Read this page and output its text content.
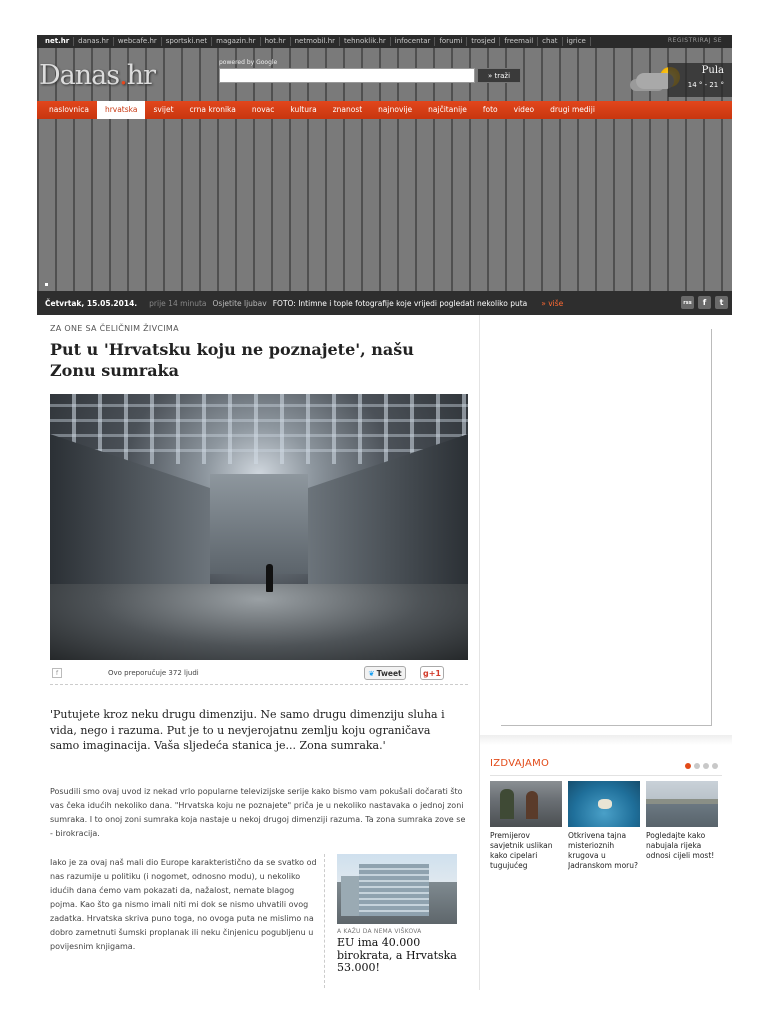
net.hr	danas.hr	webcafe.hr	sportski.net	magazin.hr	hot.hr	netmobil.hr	tehnoklik.hr	infocentar	forumi	trosjed	freemail	chat	igrice	REGISTRIRAJ SE
Danas.hr	powered by Google
» traži	Pula
14 ° - 21 °
naslovnica	hrvatska	svijet	crna kronika	novac	kultura	znanost	najnovije	najčitanije	foto	video	drugi mediji
Četvrtak, 15.05.2014. prije 14 minuta Osjetite ljubav FOTO: Intimne i tople fotografije koje vrijedi pogledati nekoliko puta » više	rss f t
ZA ONE SA ČELIČNIM ŽIVCIMA
Put u 'Hrvatsku koju ne poznajete', našu Zonu sumraka
f	Ovo preporučuje 372 ljudi	❦ Tweet	g+1

'Putujete kroz neku drugu dimenziju. Ne samo drugu dimenziju sluha i vida, nego i razuma. Put je to u nevjerojatnu zemlju koju ograničava samo imaginacija. Vaša sljedeća stanica je... Zona sumraka.'

Posudili smo ovaj uvod iz nekad vrlo popularne televizijske serije kako bismo vam pokušali dočarati što vas čeka idućih nekoliko dana. "Hrvatska koju ne poznajete" priča je u nekoliko nastavaka o jednoj zoni sumraka. I to onoj zoni sumraka koja nastaje u nekoj drugoj dimenziji razuma. Ta zona sumraka zove se - birokracija.

Iako je za ovaj naš mali dio Europe karakteristično da se svatko od nas razumije u politiku (i nogomet, odnosno modu), u nekoliko idućih dana ćemo vam pokazati da, nažalost, nemate blagog pojma. Kao što ga nismo imali niti mi dok se nismo uhvatili ovog zadatka. Hrvatska skriva puno toga, no ovoga puta ne mislimo na dobro zametnuti šumski proplanak ili neku činjenicu pogubljenu u povijesnim knjigama.

A KAŽU DA NEMA VIŠKOVA
EU ima 40.000 birokrata, a Hrvatska 53.000!
IZDVAJAMO
Premijerov savjetnik uslikan kako cipelari tugujućeg
Otkrivena tajna misterioznih krugova u Jadranskom moru?
Pogledajte kako nabujala rijeka odnosi cijeli most!
